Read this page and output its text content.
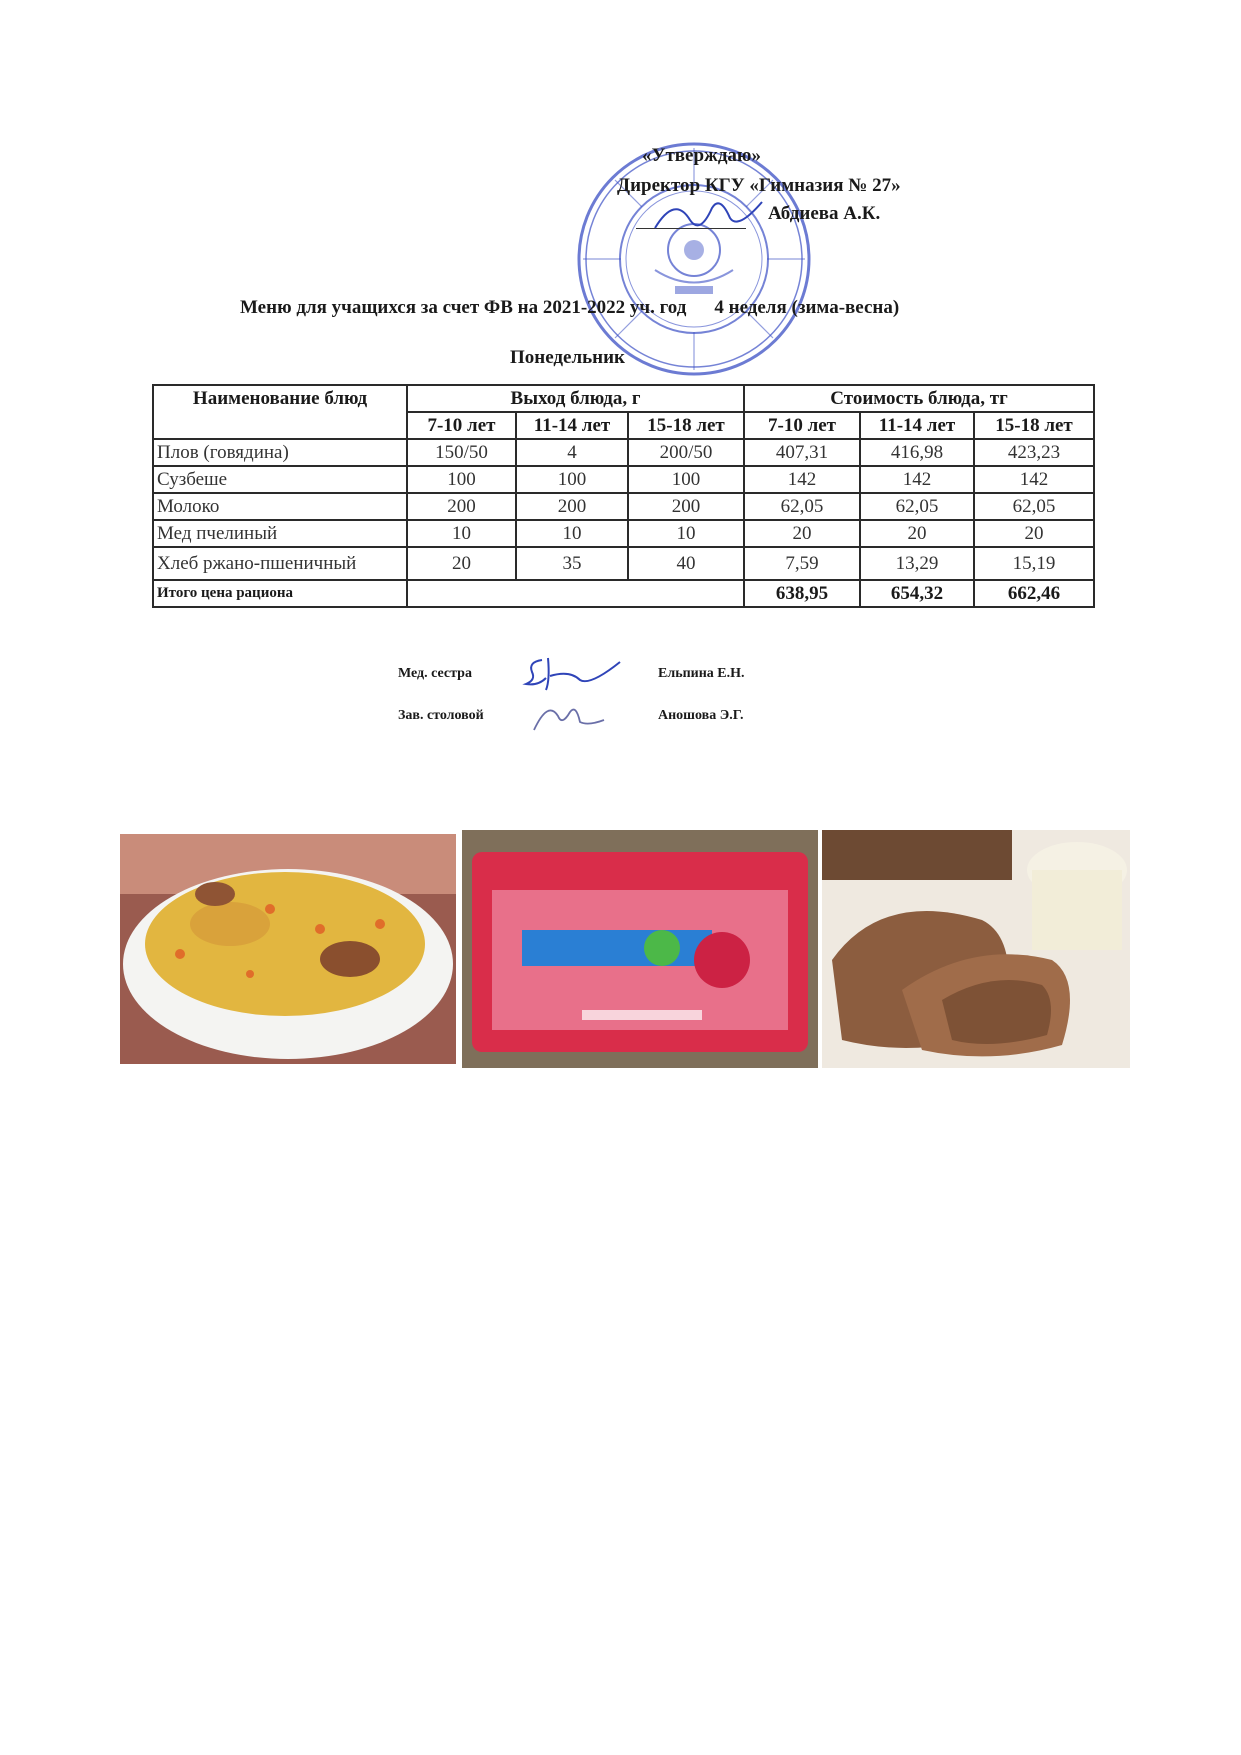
«Утверждаю»
Директор КГУ «Гимназия № 27»
Абдиева А.К.
Меню для учащихся за счет ФВ на 2021-2022 уч. год 4 неделя (зима-весна)
Понедельник
Наименование блюд	Выход блюда, г			Стоимость блюда, тг		
	7-10 лет	11-14 лет	15-18 лет	7-10 лет	11-14 лет	15-18 лет
Плов (говядина)	150/50	4	200/50	407,31	416,98	423,23
Сузбеше	100	100	100	142	142	142
Молоко	200	200	200	62,05	62,05	62,05
Мед пчелиный	10	10	10	20	20	20
Хлеб ржано-пшеничный	20	35	40	7,59	13,29	15,19
Итого цена рациона				638,95	654,32	662,46
Мед. сестра	Ельпина Е.Н.
Зав. столовой	Аношова Э.Г.
